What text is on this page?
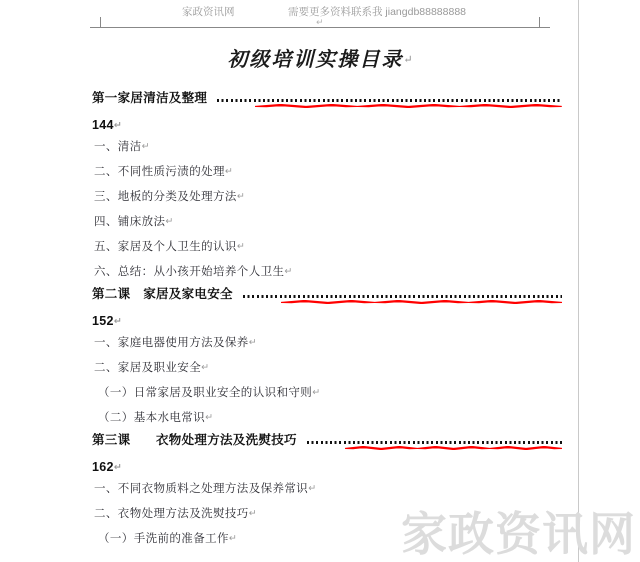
家政资讯网	需要更多资料联系我 jiangdb88888888
↵
初级培训实操目录↵
第一家居清洁及整理
144↵
一、清洁↵
二、不同性质污渍的处理↵
三、地板的分类及处理方法↵
四、铺床放法↵
五、家居及个人卫生的认识↵
六、总结：从小孩开始培养个人卫生↵
第二课　家居及家电安全
152↵
一、家庭电器使用方法及保养↵
二、家居及职业安全↵
（一）日常家居及职业安全的认识和守则↵
（二）基本水电常识↵
第三课　　衣物处理方法及洗熨技巧
162↵
一、不同衣物质料之处理方法及保养常识↵
二、衣物处理方法及洗熨技巧↵
（一）手洗前的准备工作↵	家政资讯网
